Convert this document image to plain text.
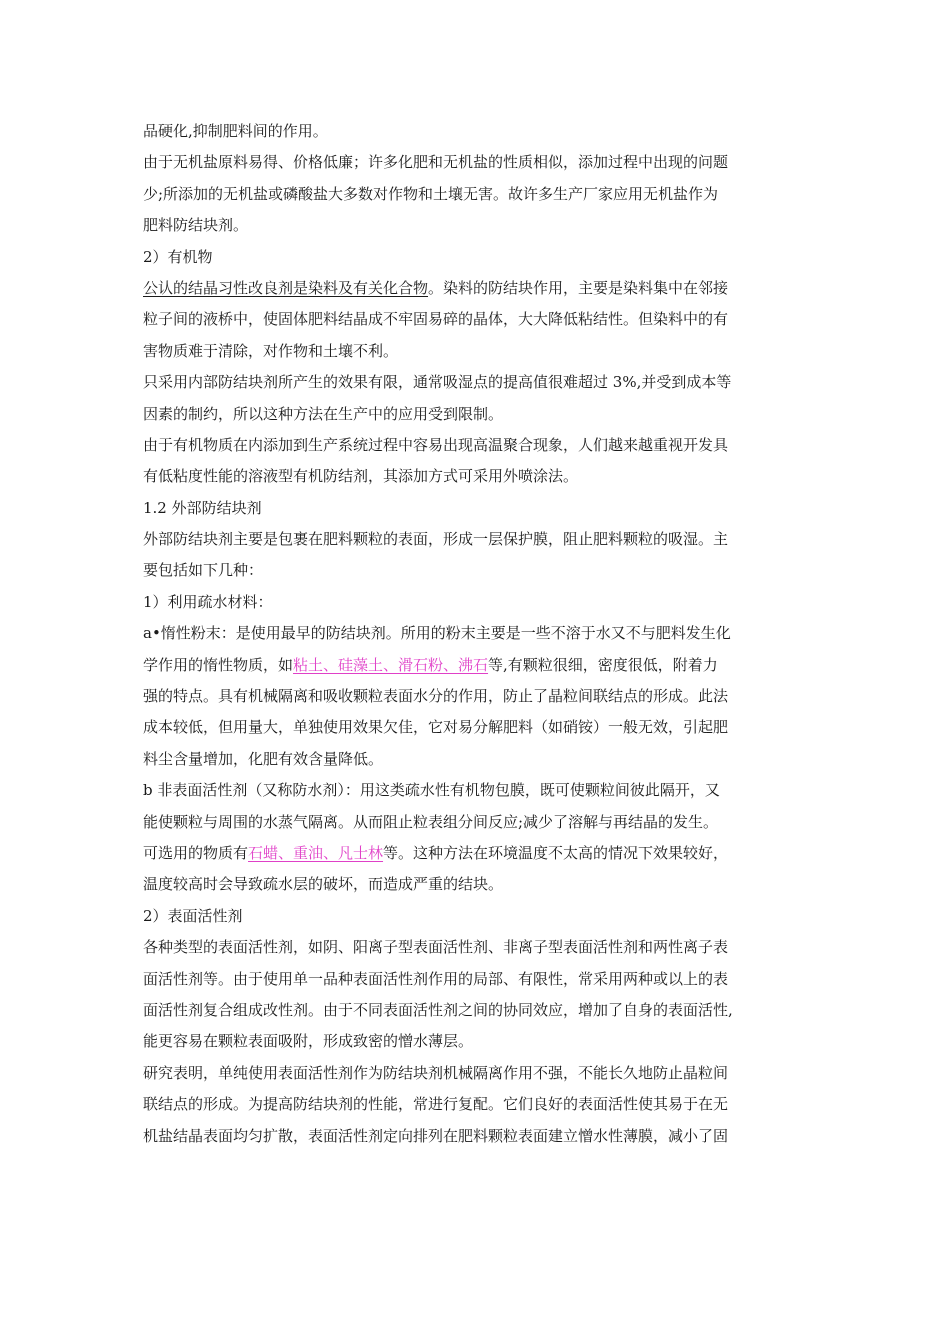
品硬化,抑制肥料间的作用。
由于无机盐原料易得、价格低廉；许多化肥和无机盐的性质相似，添加过程中出现的问题
少;所添加的无机盐或磷酸盐大多数对作物和土壤无害。故许多生产厂家应用无机盐作为
肥料防结块剂。
2）有机物
公认的结晶习性改良剂是染料及有关化合物。染料的防结块作用，主要是染料集中在邻接
粒子间的液桥中，使固体肥料结晶成不牢固易碎的晶体，大大降低粘结性。但染料中的有
害物质难于清除，对作物和土壤不利。
只采用内部防结块剂所产生的效果有限，通常吸湿点的提高值很难超过 3%,并受到成本等
因素的制约，所以这种方法在生产中的应用受到限制。
由于有机物质在内添加到生产系统过程中容易出现高温聚合现象，人们越来越重视开发具
有低粘度性能的溶液型有机防结剂，其添加方式可采用外喷涂法。
1.2 外部防结块剂
外部防结块剂主要是包裹在肥料颗粒的表面，形成一层保护膜，阻止肥料颗粒的吸湿。主
要包括如下几种：
1）利用疏水材料：
a•惰性粉末：是使用最早的防结块剂。所用的粉末主要是一些不溶于水又不与肥料发生化
学作用的惰性物质，如粘土、硅藻土、滑石粉、沸石等,有颗粒很细，密度很低，附着力
强的特点。具有机械隔离和吸收颗粒表面水分的作用，防止了晶粒间联结点的形成。此法
成本较低，但用量大，单独使用效果欠佳，它对易分解肥料（如硝铵）一般无效，引起肥
料尘含量增加，化肥有效含量降低。
b 非表面活性剂（又称防水剂）：用这类疏水性有机物包膜，既可使颗粒间彼此隔开，又
能使颗粒与周围的水蒸气隔离。从而阻止粒表组分间反应;减少了溶解与再结晶的发生。
可选用的物质有石蜡、重油、凡士林等。这种方法在环境温度不太高的情况下效果较好，
温度较高时会导致疏水层的破坏，而造成严重的结块。
2）表面活性剂
各种类型的表面活性剂，如阴、阳离子型表面活性剂、非离子型表面活性剂和两性离子表
面活性剂等。由于使用单一品种表面活性剂作用的局部、有限性，常采用两种或以上的表
面活性剂复合组成改性剂。由于不同表面活性剂之间的协同效应，增加了自身的表面活性,
能更容易在颗粒表面吸附，形成致密的憎水薄层。
研究表明，单纯使用表面活性剂作为防结块剂机械隔离作用不强，不能长久地防止晶粒间
联结点的形成。为提高防结块剂的性能，常进行复配。它们良好的表面活性使其易于在无
机盐结晶表面均匀扩散，表面活性剂定向排列在肥料颗粒表面建立憎水性薄膜，减小了固
